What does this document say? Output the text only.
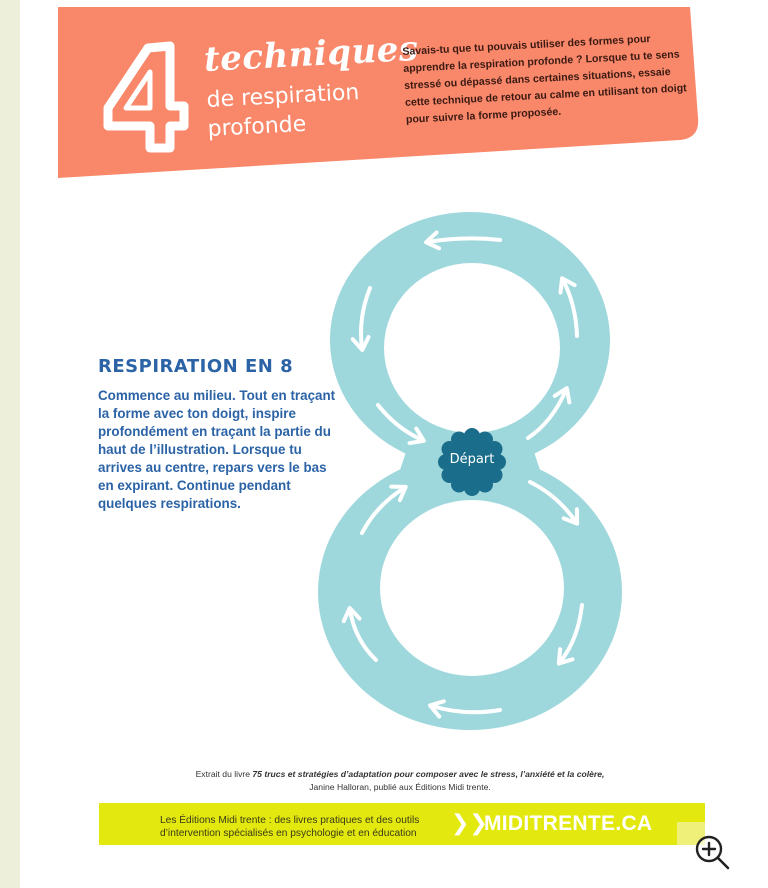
techniques
de respiration
profonde
Savais-tu que tu pouvais utiliser des formes pour apprendre la respiration profonde ? Lorsque tu te sens stressé ou dépassé dans certaines situations, essaie cette technique de retour au calme en utilisant ton doigt pour suivre la forme proposée.
RESPIRATION EN 8
Commence au milieu. Tout en traçant la forme avec ton doigt, inspire profondément en traçant la partie du haut de l’illustration. Lorsque tu arrives au centre, repars vers le bas en expirant. Continue pendant quelques respirations.
Départ
Extrait du livre 75 trucs et stratégies d’adaptation pour composer avec le stress, l’anxiété et la colère,
Janine Halloran, publié aux Éditions Midi trente.
Les Éditions Midi trente : des livres pratiques et des outils
d’intervention spécialisés en psychologie et en éducation	❯❯
MIDITRENTE.CA
